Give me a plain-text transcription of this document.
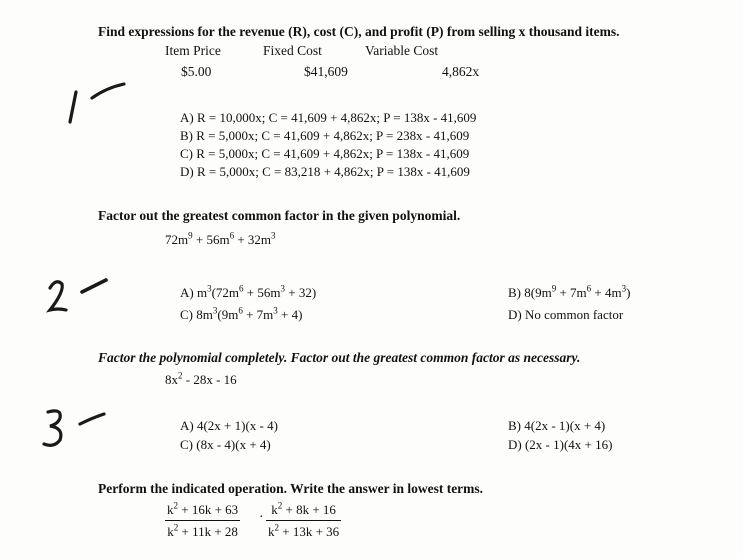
Find expressions for the revenue (R), cost (C), and profit (P) from selling x thousand items.
Item Price	Fixed Cost	Variable Cost
$5.00	$41,609	4,862x
1
A) R = 10,000x; C = 41,609 + 4,862x; P = 138x - 41,609
B) R = 5,000x; C = 41,609 + 4,862x; P = 238x - 41,609
C) R = 5,000x; C = 41,609 + 4,862x; P = 138x - 41,609
D) R = 5,000x; C = 83,218 + 4,862x; P = 138x - 41,609
Factor out the greatest common factor in the given polynomial.
$72m^9 + 56m^6 + 32m^3$
2
A) $m^3(72m^6 + 56m^3 + 32)$	B) $8(9m^9 + 7m^6 + 4m^3)$
C) $8m^3(9m^6 + 7m^3 + 4)$	D) No common factor
Factor the polynomial completely. Factor out the greatest common factor as necessary.
$8x^2 - 28x - 16$
3
A) 4(2x + 1)(x - 4)	B) 4(2x - 1)(x + 4)
C) (8x - 4)(x + 4)	D) (2x - 1)(4x + 16)
Perform the indicated operation. Write the answer in lowest terms.
$\frac{k^2 + 16k + 63}{k^2 + 11k + 28} \cdot \frac{k^2 + 8k + 16}{k^2 + 13k + 36}$
